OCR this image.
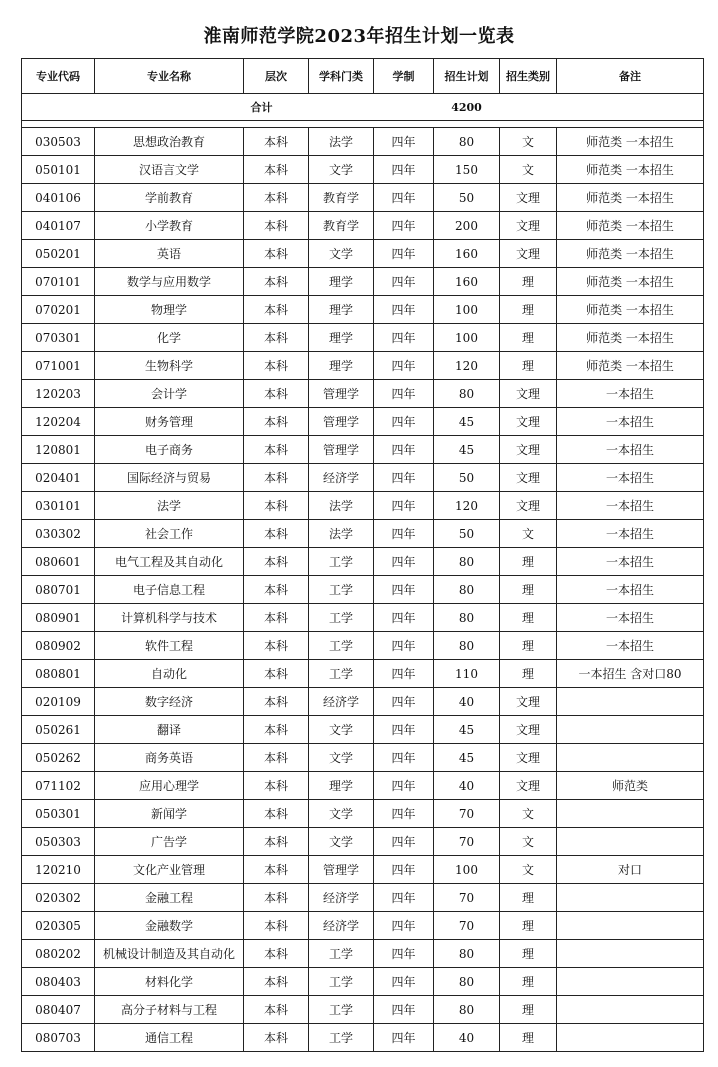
淮南师范学院2023年招生计划一览表
专业代码	专业名称	层次	学科门类	学制	招生计划	招生类别	备注
合计					4200		

030503	思想政治教育	本科	法学	四年	80	文	师范类 一本招生
050101	汉语言文学	本科	文学	四年	150	文	师范类 一本招生
040106	学前教育	本科	教育学	四年	50	文理	师范类 一本招生
040107	小学教育	本科	教育学	四年	200	文理	师范类 一本招生
050201	英语	本科	文学	四年	160	文理	师范类 一本招生
070101	数学与应用数学	本科	理学	四年	160	理	师范类 一本招生
070201	物理学	本科	理学	四年	100	理	师范类 一本招生
070301	化学	本科	理学	四年	100	理	师范类 一本招生
071001	生物科学	本科	理学	四年	120	理	师范类 一本招生
120203	会计学	本科	管理学	四年	80	文理	一本招生
120204	财务管理	本科	管理学	四年	45	文理	一本招生
120801	电子商务	本科	管理学	四年	45	文理	一本招生
020401	国际经济与贸易	本科	经济学	四年	50	文理	一本招生
030101	法学	本科	法学	四年	120	文理	一本招生
030302	社会工作	本科	法学	四年	50	文	一本招生
080601	电气工程及其自动化	本科	工学	四年	80	理	一本招生
080701	电子信息工程	本科	工学	四年	80	理	一本招生
080901	计算机科学与技术	本科	工学	四年	80	理	一本招生
080902	软件工程	本科	工学	四年	80	理	一本招生
080801	自动化	本科	工学	四年	110	理	一本招生 含对口80
020109	数字经济	本科	经济学	四年	40	文理	
050261	翻译	本科	文学	四年	45	文理	
050262	商务英语	本科	文学	四年	45	文理	
071102	应用心理学	本科	理学	四年	40	文理	师范类
050301	新闻学	本科	文学	四年	70	文	
050303	广告学	本科	文学	四年	70	文	
120210	文化产业管理	本科	管理学	四年	100	文	对口
020302	金融工程	本科	经济学	四年	70	理	
020305	金融数学	本科	经济学	四年	70	理	
080202	机械设计制造及其自动化	本科	工学	四年	80	理	
080403	材料化学	本科	工学	四年	80	理	
080407	高分子材料与工程	本科	工学	四年	80	理	
080703	通信工程	本科	工学	四年	40	理	
